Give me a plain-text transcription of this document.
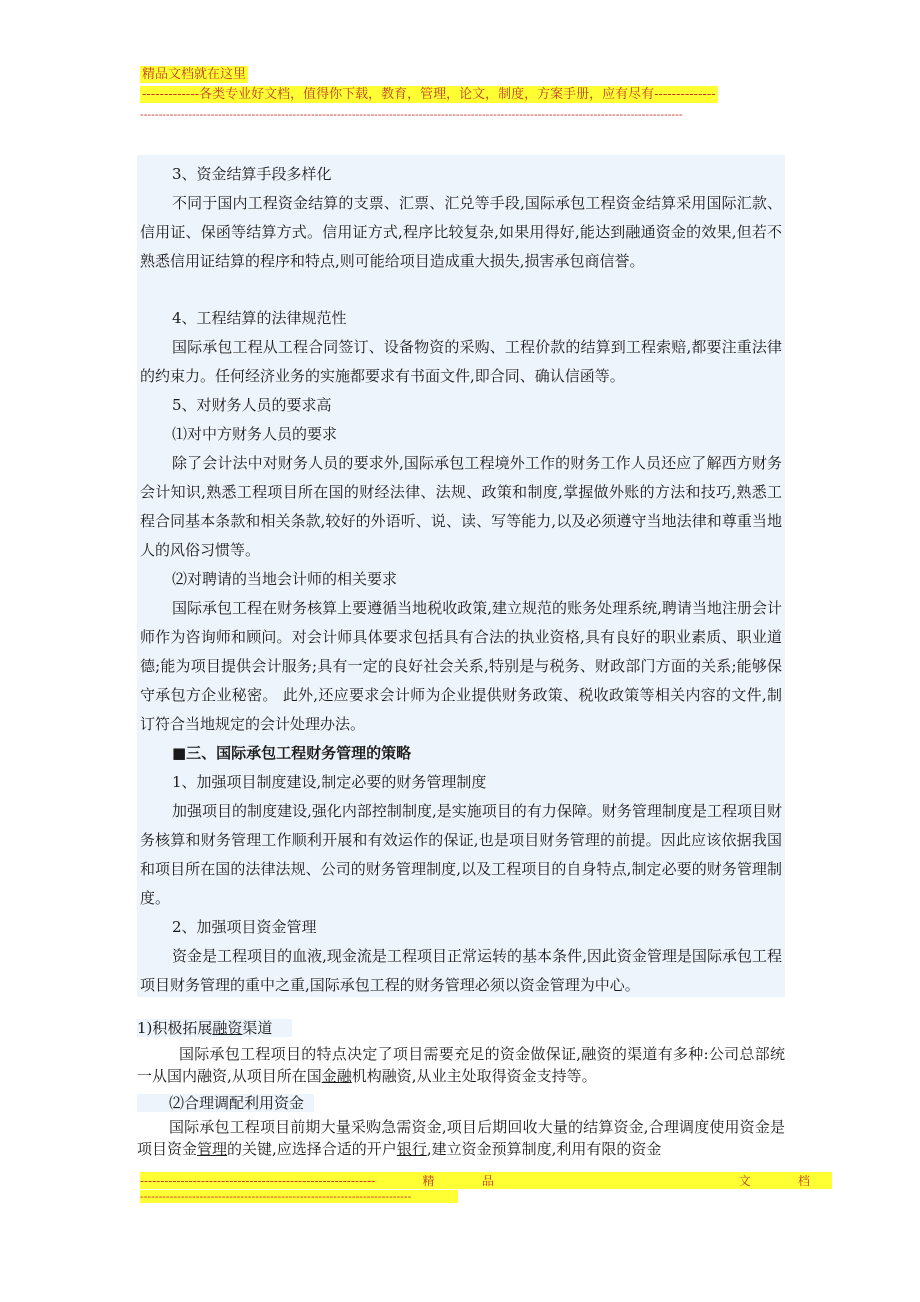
精品文档就在这里
-------------各类专业好文档，值得你下载，教育，管理，论文，制度，方案手册，应有尽有--------------
--------------------------------------------------------------------------------------------------------------------------------------------------

3、资金结算手段多样化

不同于国内工程资金结算的支票、汇票、汇兑等手段,国际承包工程资金结算采用国际汇款、信用证、保函等结算方式。信用证方式,程序比较复杂,如果用得好,能达到融通资金的效果,但若不熟悉信用证结算的程序和特点,则可能给项目造成重大损失,损害承包商信誉。

4、工程结算的法律规范性

国际承包工程从工程合同签订、设备物资的采购、工程价款的结算到工程索赔,都要注重法律的约束力。任何经济业务的实施都要求有书面文件,即合同、确认信函等。

5、对财务人员的要求高

⑴对中方财务人员的要求

除了会计法中对财务人员的要求外,国际承包工程境外工作的财务工作人员还应了解西方财务会计知识,熟悉工程项目所在国的财经法律、法规、政策和制度,掌握做外账的方法和技巧,熟悉工程合同基本条款和相关条款,较好的外语听、说、读、写等能力,以及必须遵守当地法律和尊重当地人的风俗习惯等。

⑵对聘请的当地会计师的相关要求

国际承包工程在财务核算上要遵循当地税收政策,建立规范的账务处理系统,聘请当地注册会计师作为咨询师和顾问。对会计师具体要求包括具有合法的执业资格,具有良好的职业素质、职业道德;能为项目提供会计服务;具有一定的良好社会关系,特别是与税务、财政部门方面的关系;能够保守承包方企业秘密。 此外,还应要求会计师为企业提供财务政策、税收政策等相关内容的文件,制订符合当地规定的会计处理办法。

■三、国际承包工程财务管理的策略

1、加强项目制度建设,制定必要的财务管理制度

加强项目的制度建设,强化内部控制制度,是实施项目的有力保障。财务管理制度是工程项目财务核算和财务管理工作顺利开展和有效运作的保证,也是项目财务管理的前提。因此应该依据我国和项目所在国的法律法规、公司的财务管理制度,以及工程项目的自身特点,制定必要的财务管理制度。

2、加强项目资金管理

资金是工程项目的血液,现金流是工程项目正常运转的基本条件,因此资金管理是国际承包工程项目财务管理的重中之重,国际承包工程的财务管理必须以资金管理为中心。

1)积极拓展融资渠道

国际承包工程项目的特点决定了项目需要充足的资金做保证,融资的渠道有多种:公司总部统一从国内融资,从项目所在国金融机构融资,从业主处取得资金支持等。

⑵合理调配利用资金

国际承包工程项目前期大量采购急需资金,项目后期回收大量的结算资金,合理调度使用资金是项目资金管理的关键,应选择合适的开户银行,建立资金预算制度,利用有限的资金

----------------------------------------------------------	精	品	文	档
-------------------------------------------------------------------------
